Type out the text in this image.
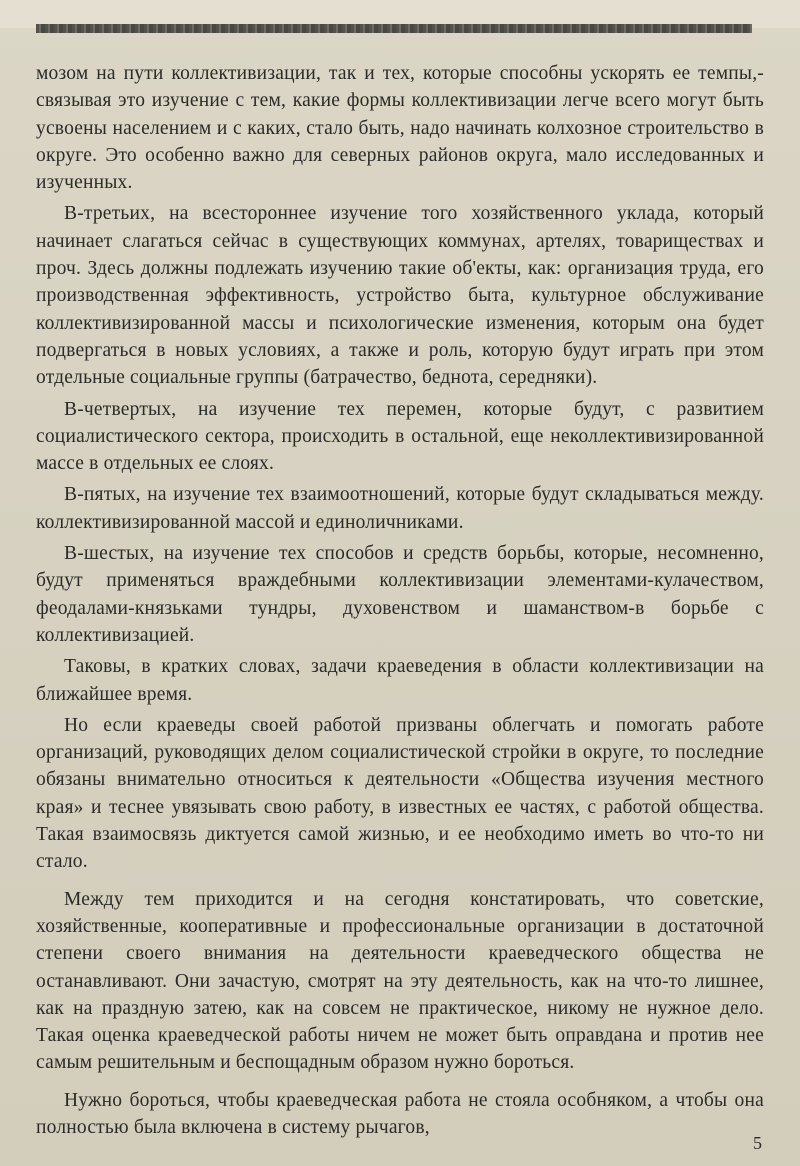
мозом на пути коллективизации, так и тех, которые способны ускорять ее темпы,-связывая это изучение с тем, какие формы коллективизации легче всего могут быть усвоены населением и с каких, стало быть, надо начинать колхозное строительство в округе. Это особенно важно для северных районов округа, мало исследованных и изученных.

В-третьих, на всестороннее изучение того хозяйственного уклада, который начинает слагаться сейчас в существующих коммунах, артелях, товариществах и проч. Здесь должны подлежать изучению такие об'екты, как: организация труда, его производственная эффективность, устройство быта, культурное обслуживание коллективизированной массы и психологические изменения, которым она будет подвергаться в новых условиях, а также и роль, которую будут играть при этом отдельные социальные группы (батрачество, беднота, середняки).

В-четвертых, на изучение тех перемен, которые будут, с развитием социалистического сектора, происходить в остальной, еще неколлективизированной массе в отдельных ее слоях.

В-пятых, на изучение тех взаимоотношений, которые будут складываться между. коллективизированной массой и единоличниками.

В-шестых, на изучение тех способов и средств борьбы, которые, несомненно, будут применяться враждебными коллективизации элементами-кулачеством, феодалами-князьками тундры, духовенством и шаманством-в борьбе с коллективизацией.

Таковы, в кратких словах, задачи краеведения в области коллективизации на ближайшее время.

Но если краеведы своей работой призваны облегчать и помогать работе организаций, руководящих делом социалистической стройки в округе, то последние обязаны внимательно относиться к деятельности «Общества изучения местного края» и теснее увязывать свою работу, в известных ее частях, с работой общества. Такая взаимосвязь диктуется самой жизнью, и ее необходимо иметь во что-то ни стало.

Между тем приходится и на сегодня констатировать, что советские, хозяйственные, кооперативные и профессиональные организации в достаточной степени своего внимания на деятельности краеведческого общества не останавливают. Они зачастую, смотрят на эту деятельность, как на что-то лишнее, как на праздную затею, как на совсем не практическое, никому не нужное дело. Такая оценка краеведческой работы ничем не может быть оправдана и против нее самым решительным и беспощадным образом нужно бороться.

Нужно бороться, чтобы краеведческая работа не стояла особняком, а чтобы она полностью была включена в систему рычагов,

5
